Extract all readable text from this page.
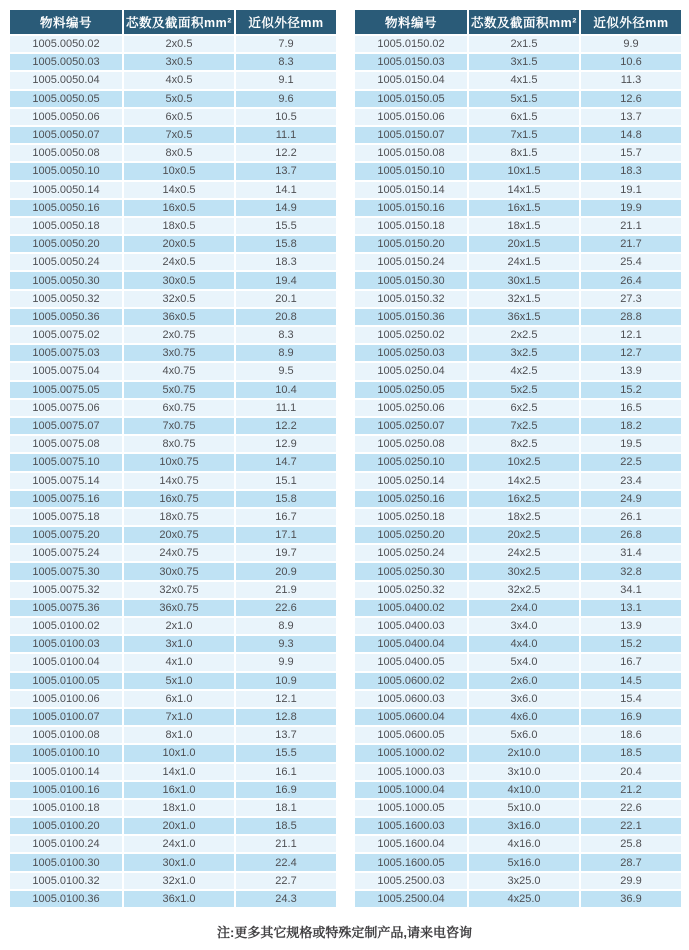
物料编号	芯数及截面积mm²	近似外径mm
1005.0050.02	2x0.5	7.9
1005.0050.03	3x0.5	8.3
1005.0050.04	4x0.5	9.1
1005.0050.05	5x0.5	9.6
1005.0050.06	6x0.5	10.5
1005.0050.07	7x0.5	11.1
1005.0050.08	8x0.5	12.2
1005.0050.10	10x0.5	13.7
1005.0050.14	14x0.5	14.1
1005.0050.16	16x0.5	14.9
1005.0050.18	18x0.5	15.5
1005.0050.20	20x0.5	15.8
1005.0050.24	24x0.5	18.3
1005.0050.30	30x0.5	19.4
1005.0050.32	32x0.5	20.1
1005.0050.36	36x0.5	20.8
1005.0075.02	2x0.75	8.3
1005.0075.03	3x0.75	8.9
1005.0075.04	4x0.75	9.5
1005.0075.05	5x0.75	10.4
1005.0075.06	6x0.75	11.1
1005.0075.07	7x0.75	12.2
1005.0075.08	8x0.75	12.9
1005.0075.10	10x0.75	14.7
1005.0075.14	14x0.75	15.1
1005.0075.16	16x0.75	15.8
1005.0075.18	18x0.75	16.7
1005.0075.20	20x0.75	17.1
1005.0075.24	24x0.75	19.7
1005.0075.30	30x0.75	20.9
1005.0075.32	32x0.75	21.9
1005.0075.36	36x0.75	22.6
1005.0100.02	2x1.0	8.9
1005.0100.03	3x1.0	9.3
1005.0100.04	4x1.0	9.9
1005.0100.05	5x1.0	10.9
1005.0100.06	6x1.0	12.1
1005.0100.07	7x1.0	12.8
1005.0100.08	8x1.0	13.7
1005.0100.10	10x1.0	15.5
1005.0100.14	14x1.0	16.1
1005.0100.16	16x1.0	16.9
1005.0100.18	18x1.0	18.1
1005.0100.20	20x1.0	18.5
1005.0100.24	24x1.0	21.1
1005.0100.30	30x1.0	22.4
1005.0100.32	32x1.0	22.7
1005.0100.36	36x1.0	24.3
物料编号	芯数及截面积mm²	近似外径mm
1005.0150.02	2x1.5	9.9
1005.0150.03	3x1.5	10.6
1005.0150.04	4x1.5	11.3
1005.0150.05	5x1.5	12.6
1005.0150.06	6x1.5	13.7
1005.0150.07	7x1.5	14.8
1005.0150.08	8x1.5	15.7
1005.0150.10	10x1.5	18.3
1005.0150.14	14x1.5	19.1
1005.0150.16	16x1.5	19.9
1005.0150.18	18x1.5	21.1
1005.0150.20	20x1.5	21.7
1005.0150.24	24x1.5	25.4
1005.0150.30	30x1.5	26.4
1005.0150.32	32x1.5	27.3
1005.0150.36	36x1.5	28.8
1005.0250.02	2x2.5	12.1
1005.0250.03	3x2.5	12.7
1005.0250.04	4x2.5	13.9
1005.0250.05	5x2.5	15.2
1005.0250.06	6x2.5	16.5
1005.0250.07	7x2.5	18.2
1005.0250.08	8x2.5	19.5
1005.0250.10	10x2.5	22.5
1005.0250.14	14x2.5	23.4
1005.0250.16	16x2.5	24.9
1005.0250.18	18x2.5	26.1
1005.0250.20	20x2.5	26.8
1005.0250.24	24x2.5	31.4
1005.0250.30	30x2.5	32.8
1005.0250.32	32x2.5	34.1
1005.0400.02	2x4.0	13.1
1005.0400.03	3x4.0	13.9
1005.0400.04	4x4.0	15.2
1005.0400.05	5x4.0	16.7
1005.0600.02	2x6.0	14.5
1005.0600.03	3x6.0	15.4
1005.0600.04	4x6.0	16.9
1005.0600.05	5x6.0	18.6
1005.1000.02	2x10.0	18.5
1005.1000.03	3x10.0	20.4
1005.1000.04	4x10.0	21.2
1005.1000.05	5x10.0	22.6
1005.1600.03	3x16.0	22.1
1005.1600.04	4x16.0	25.8
1005.1600.05	5x16.0	28.7
1005.2500.03	3x25.0	29.9
1005.2500.04	4x25.0	36.9
注:更多其它规格或特殊定制产品,请来电咨询
